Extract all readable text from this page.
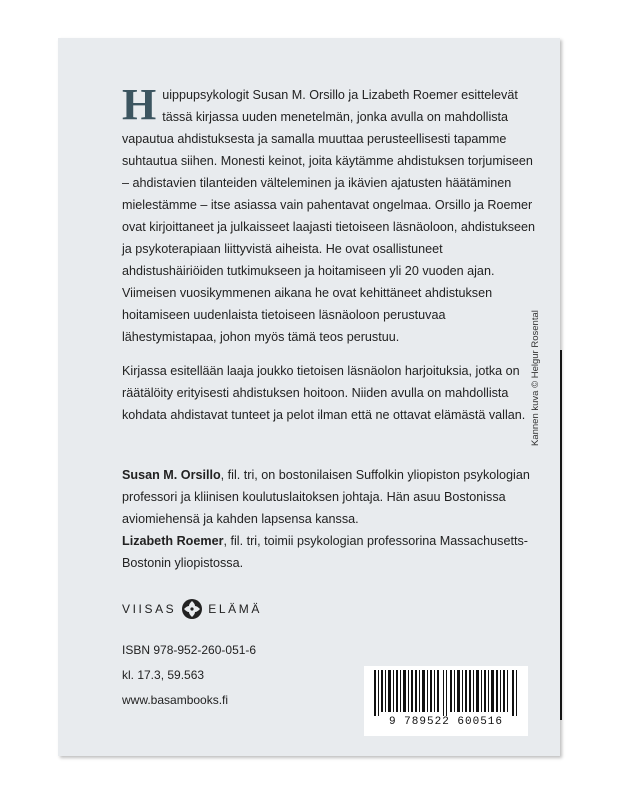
H uippupsykologit Susan M. Orsillo ja Lizabeth Roemer esittelevät tässä kirjassa uuden menetelmän, jonka avulla on mahdollista vapautua ahdistuksesta ja samalla muuttaa perusteellisesti tapamme suhtautua siihen. Monesti keinot, joita käytämme ahdistuksen torjumiseen – ahdistavien tilanteiden välteleminen ja ikävien ajatusten häätäminen mielestämme – itse asiassa vain pahentavat ongelmaa. Orsillo ja Roemer ovat kirjoittaneet ja julkaisseet laajasti tietoiseen läsnäoloon, ahdistukseen ja psykoterapiaan liittyvistä aiheista. He ovat osallistuneet ahdistushäiriöiden tutkimukseen ja hoitamiseen yli 20 vuoden ajan. Viimeisen vuosikymmenen aikana he ovat kehittäneet ahdistuksen hoitamiseen uudenlaista tietoiseen läsnäoloon perustuvaa lähestymistapaa, johon myös tämä teos perustuu.
Kirjassa esitellään laaja joukko tietoisen läsnäolon harjoituksia, jotka on räätälöity erityisesti ahdistuksen hoitoon. Niiden avulla on mahdollista kohdata ahdistavat tunteet ja pelot ilman että ne ottavat elämästä vallan.
Susan M. Orsillo, fil. tri, on bostonilaisen Suffolkin yliopiston psykologian professori ja kliinisen koulutuslaitoksen johtaja. Hän asuu Bostonissa aviomiehensä ja kahden lapsensa kanssa.
Lizabeth Roemer, fil. tri, toimii psykologian professorina Massachusetts-Bostonin yliopistossa.
VIISAS	ELÄMÄ
ISBN 978-952-260-051-6
kl. 17.3, 59.563
www.basambooks.fi
9 789522 600516
Kannen kuva © Helgur Rosental
